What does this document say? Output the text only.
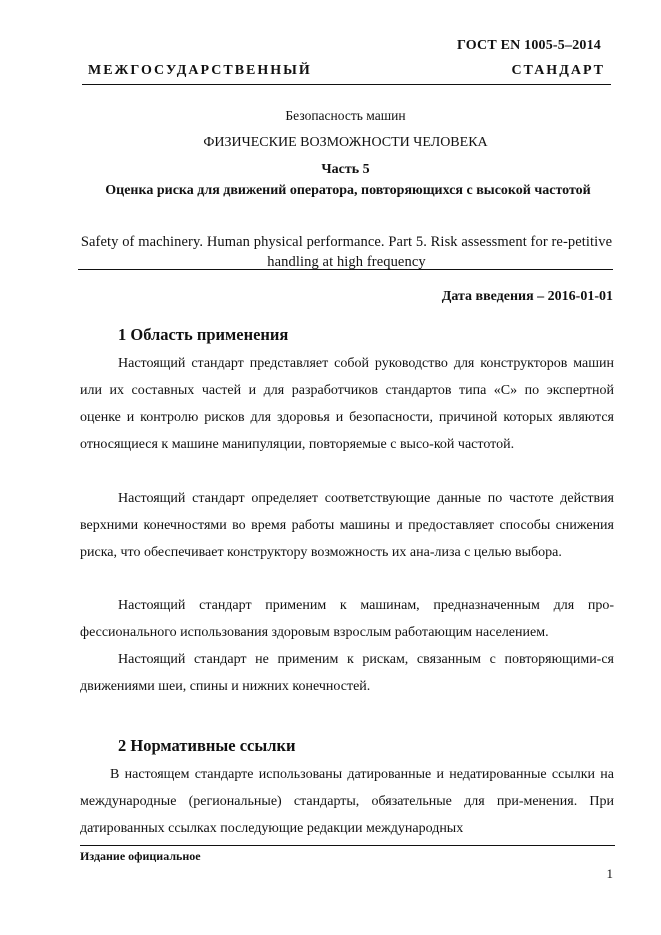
ГОСТ EN 1005-5–2014
МЕЖГОСУДАРСТВЕННЫЙ СТАНДАРТ
Безопасность машин
ФИЗИЧЕСКИЕ ВОЗМОЖНОСТИ ЧЕЛОВЕКА
Часть 5
Оценка риска для движений оператора, повторяющихся с высокой частотой
Safety of machinery. Human physical performance. Part 5. Risk assessment for re-petitive handling at high frequency
Дата введения – 2016-01-01
1 Область применения

Настоящий стандарт представляет собой руководство для конструкторов машин или их составных частей и для разработчиков стандартов типа «С» по экспертной оценке и контролю рисков для здоровья и безопасности, причиной которых являются относящиеся к машине манипуляции, повторяемые с высо-кой частотой.

Настоящий стандарт определяет соответствующие данные по частоте действия верхними конечностями во время работы машины и предоставляет способы снижения риска, что обеспечивает конструктору возможность их ана-лиза с целью выбора.

Настоящий стандарт применим к машинам, предназначенным для про-фессионального использования здоровым взрослым работающим населением.

Настоящий стандарт не применим к рискам, связанным с повторяющими-ся движениями шеи, спины и нижних конечностей.

2 Нормативные ссылки

В настоящем стандарте использованы датированные и недатированные ссылки на международные (региональные) стандарты, обязательные для при-менения. При датированных ссылках последующие редакции международных

Издание официальное
1
